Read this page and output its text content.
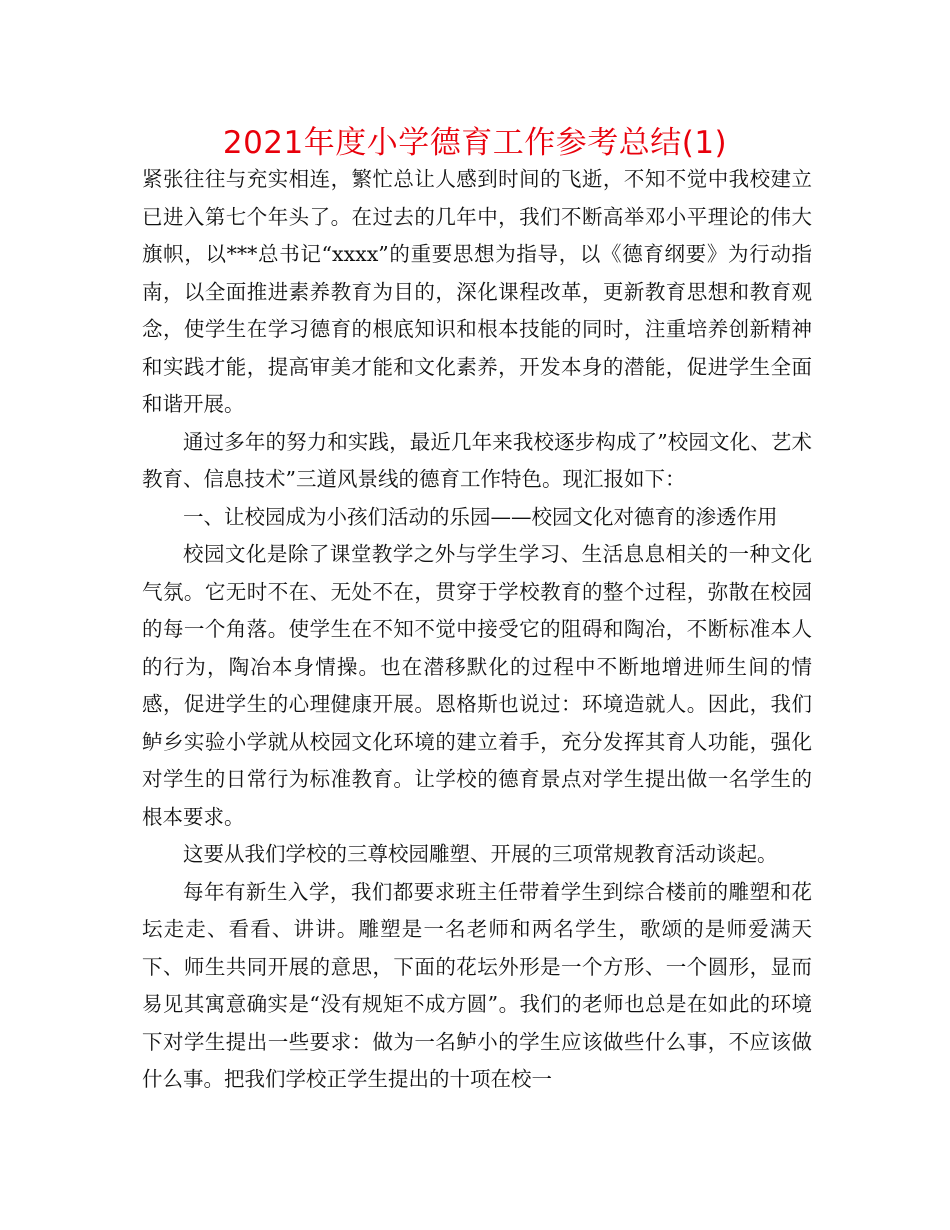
2021年度小学德育工作参考总结(1)

紧张往往与充实相连，繁忙总让人感到时间的飞逝，不知不觉中我校建立已进入第七个年头了。在过去的几年中，我们不断高举邓小平理论的伟大旗帜，以***总书记“xxxx”的重要思想为指导，以《德育纲要》为行动指南，以全面推进素养教育为目的，深化课程改革，更新教育思想和教育观念，使学生在学习德育的根底知识和根本技能的同时，注重培养创新精神和实践才能，提高审美才能和文化素养，开发本身的潜能，促进学生全面和谐开展。

通过多年的努力和实践，最近几年来我校逐步构成了”校园文化、艺术教育、信息技术”三道风景线的德育工作特色。现汇报如下：

一、让校园成为小孩们活动的乐园——校园文化对德育的渗透作用

校园文化是除了课堂教学之外与学生学习、生活息息相关的一种文化气氛。它无时不在、无处不在，贯穿于学校教育的整个过程，弥散在校园的每一个角落。使学生在不知不觉中接受它的阻碍和陶冶，不断标准本人的行为，陶冶本身情操。也在潜移默化的过程中不断地增进师生间的情感，促进学生的心理健康开展。恩格斯也说过：环境造就人。因此，我们鲈乡实验小学就从校园文化环境的建立着手，充分发挥其育人功能，强化对学生的日常行为标准教育。让学校的德育景点对学生提出做一名学生的根本要求。

这要从我们学校的三尊校园雕塑、开展的三项常规教育活动谈起。

每年有新生入学，我们都要求班主任带着学生到综合楼前的雕塑和花坛走走、看看、讲讲。雕塑是一名老师和两名学生，歌颂的是师爱满天下、师生共同开展的意思，下面的花坛外形是一个方形、一个圆形，显而易见其寓意确实是“没有规矩不成方圆”。我们的老师也总是在如此的环境下对学生提出一些要求：做为一名鲈小的学生应该做些什么事，不应该做什么事。把我们学校正学生提出的十项在校一
